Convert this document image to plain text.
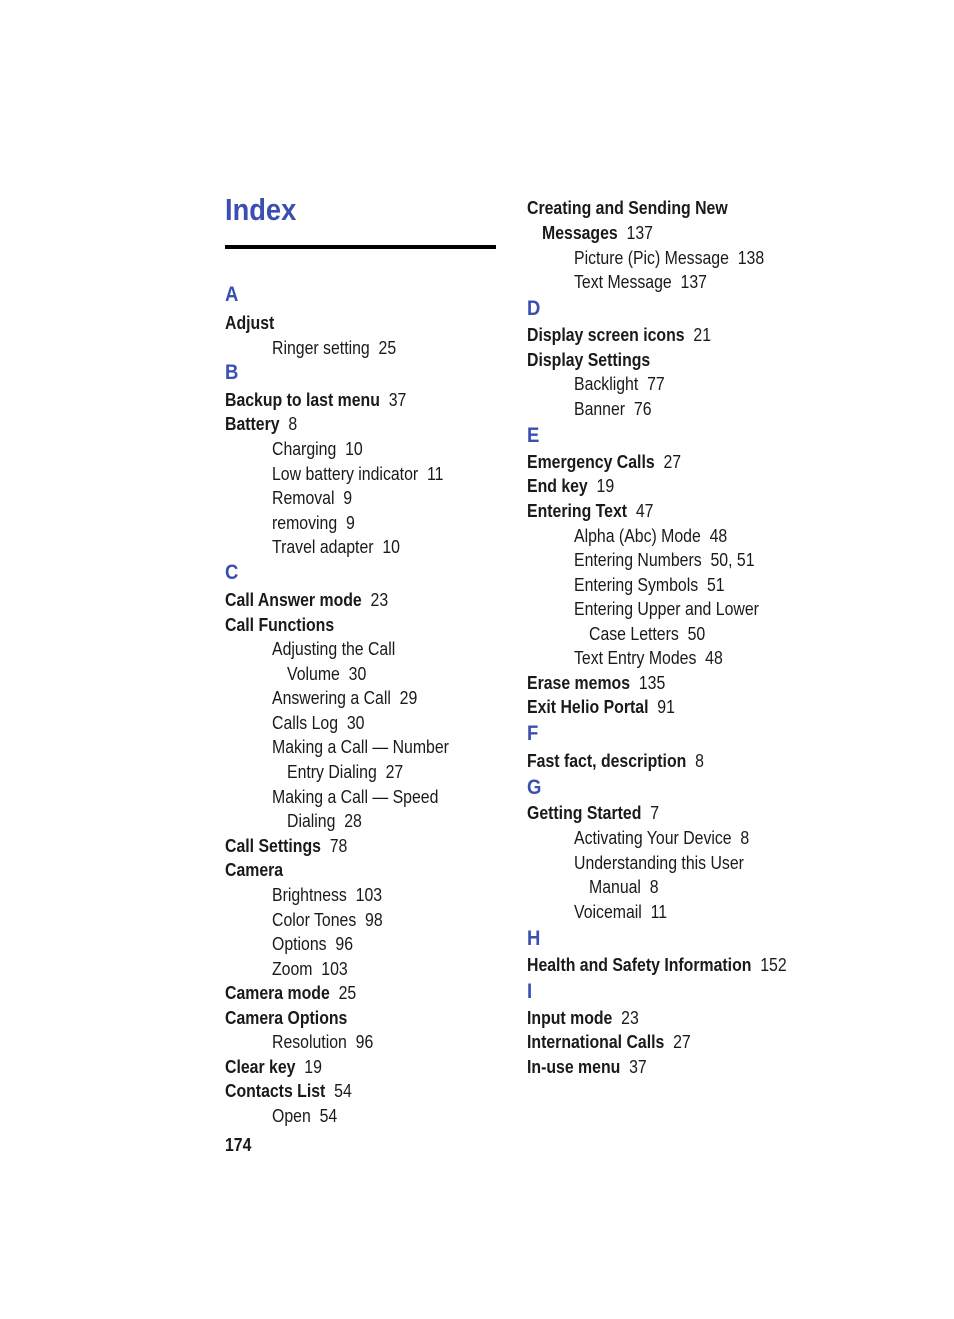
Index
A
Adjust
Ringer setting  25
B
Backup to last menu  37
Battery  8
Charging  10
Low battery indicator  11
Removal  9
removing  9
Travel adapter  10
C
Call Answer mode  23
Call Functions
Adjusting the Call
Volume  30
Answering a Call  29
Calls Log  30
Making a Call — Number
Entry Dialing  27
Making a Call — Speed
Dialing  28
Call Settings  78
Camera
Brightness  103
Color Tones  98
Options  96
Zoom  103
Camera mode  25
Camera Options
Resolution  96
Clear key  19
Contacts List  54
Open  54
Creating and Sending New
Messages  137
Picture (Pic) Message  138
Text Message  137
D
Display screen icons  21
Display Settings
Backlight  77
Banner  76
E
Emergency Calls  27
End key  19
Entering Text  47
Alpha (Abc) Mode  48
Entering Numbers  50, 51
Entering Symbols  51
Entering Upper and Lower
Case Letters  50
Text Entry Modes  48
Erase memos  135
Exit Helio Portal  91
F
Fast fact, description  8
G
Getting Started  7
Activating Your Device  8
Understanding this User
Manual  8
Voicemail  11
H
Health and Safety Information  152
I
Input mode  23
International Calls  27
In-use menu  37
174
